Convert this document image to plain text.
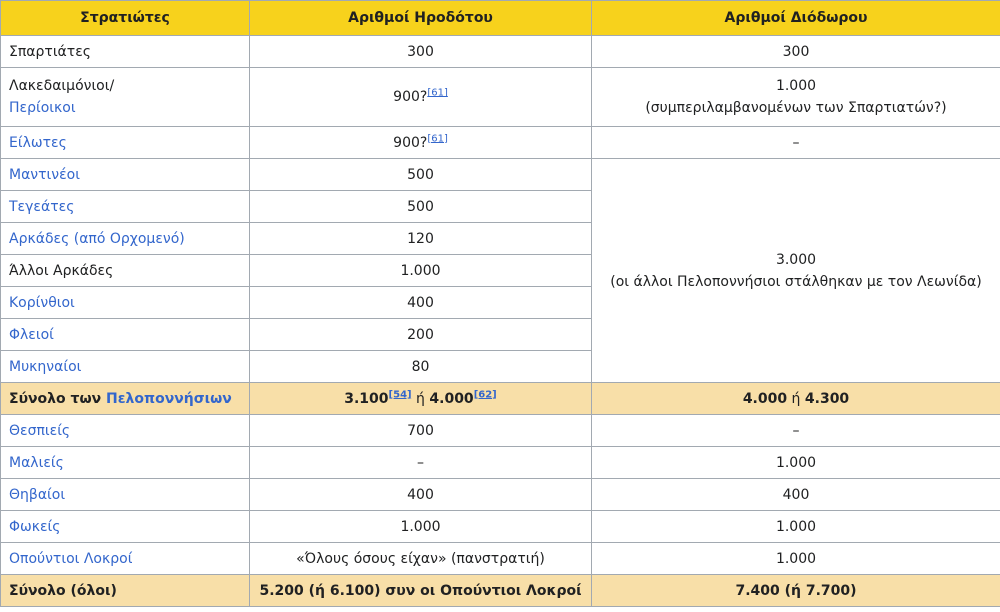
Στρατιώτες	Αριθμοί Ηροδότου	Αριθμοί Διόδωρου
Σπαρτιάτες	300	300
Λακεδαιμόνιοι/
Περίοικοι	900?[61]	1.000
(συμπεριλαμβανομένων των Σπαρτιατών?)
Είλωτες	900?[61]	–
Μαντινέοι	500	3.000
(οι άλλοι Πελοποννήσιοι στάλθηκαν με τον Λεωνίδα)
Τεγεάτες	500	
Αρκάδες (από Ορχομενό)	120	
Άλλοι Αρκάδες	1.000	
Κορίνθιοι	400	
Φλειοί	200	
Μυκηναίοι	80	
Σύνολο των Πελοποννήσιων	3.100[54] ή 4.000[62]	4.000 ή 4.300
Θεσπιείς	700	–
Μαλιείς	–	1.000
Θηβαίοι	400	400
Φωκείς	1.000	1.000
Οπούντιοι Λοκροί	«Όλους όσους είχαν» (πανστρατιή)	1.000
Σύνολο (όλοι)	5.200 (ή 6.100) συν οι Οπούντιοι Λοκροί	7.400 (ή 7.700)
